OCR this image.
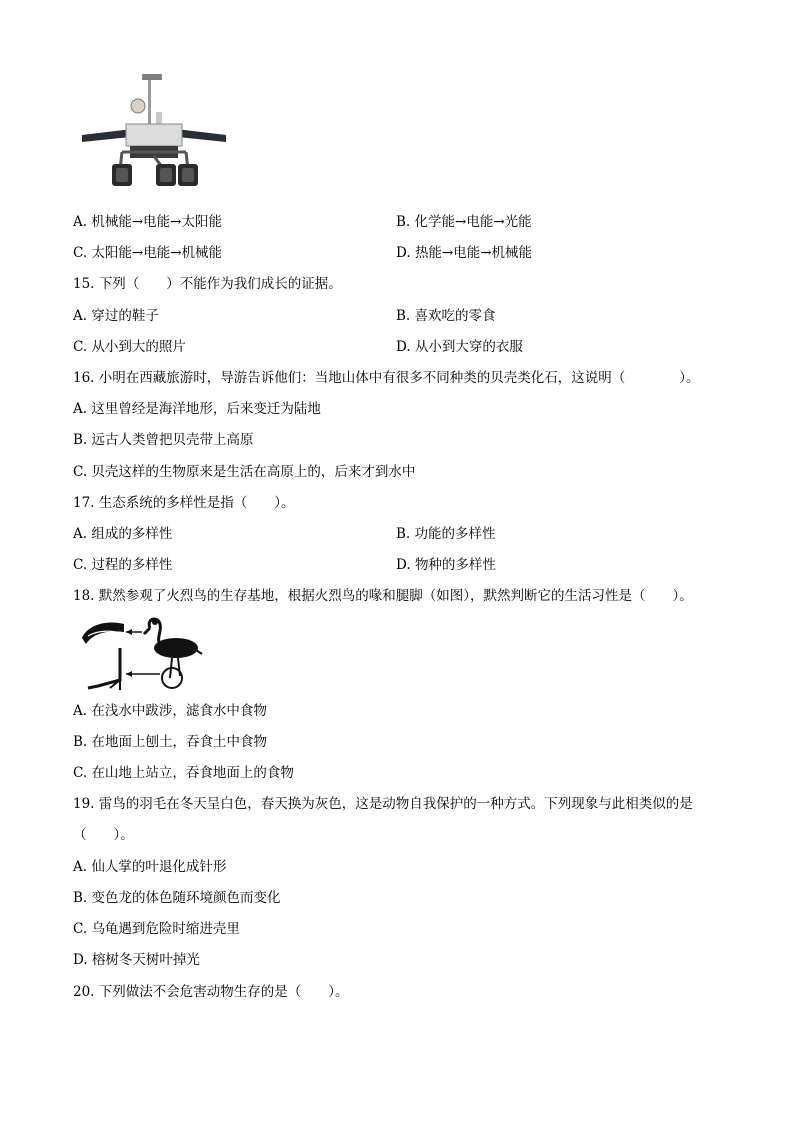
A. 机械能→电能→太阳能	B. 化学能→电能→光能
C. 太阳能→电能→机械能	D. 热能→电能→机械能
15. 下列（　　）不能作为我们成长的证据。
A. 穿过的鞋子	B. 喜欢吃的零食
C. 从小到大的照片	D. 从小到大穿的衣服
16. 小明在西藏旅游时，导游告诉他们：当地山体中有很多不同种类的贝壳类化石，这说明（　　　　）。
A. 这里曾经是海洋地形，后来变迁为陆地
B. 远古人类曾把贝壳带上高原
C. 贝壳这样的生物原来是生活在高原上的，后来才到水中
17. 生态系统的多样性是指（　　）。
A. 组成的多样性	B. 功能的多样性
C. 过程的多样性	D. 物种的多样性
18. 默然参观了火烈鸟的生存基地，根据火烈鸟的喙和腿脚（如图），默然判断它的生活习性是（　　）。
A. 在浅水中跋涉，滤食水中食物
B. 在地面上刨土，吞食土中食物
C. 在山地上站立，吞食地面上的食物
19. 雷鸟的羽毛在冬天呈白色，春天换为灰色，这是动物自我保护的一种方式。下列现象与此相类似的是
（　　）。
A. 仙人掌的叶退化成针形
B. 变色龙的体色随环境颜色而变化
C. 乌龟遇到危险时缩进壳里
D. 榕树冬天树叶掉光
20. 下列做法不会危害动物生存的是（　　）。
